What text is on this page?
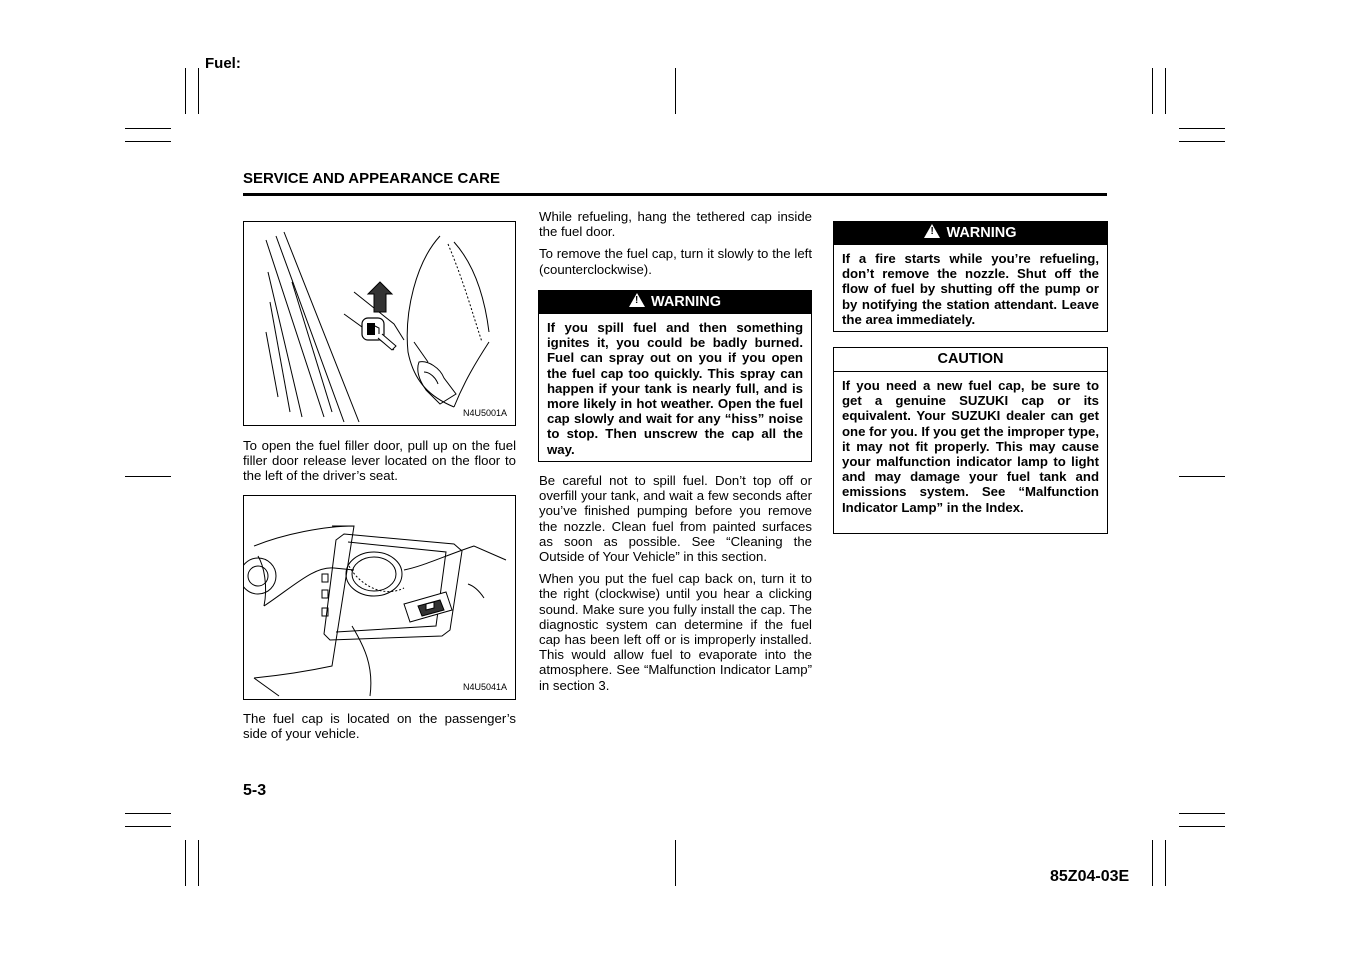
Fuel:
SERVICE AND APPEARANCE CARE
N4U5001A

To open the fuel filler door, pull up on the fuel filler door release lever located on the floor to the left of the driver’s seat.

N4U5041A

The fuel cap is located on the passenger’s side of your vehicle.

While refueling, hang the tethered cap inside the fuel door.

To remove the fuel cap, turn it slowly to the left (counterclockwise).

! WARNING
If you spill fuel and then something ignites it, you could be badly burned. Fuel can spray out on you if you open the fuel cap too quickly. This spray can happen if your tank is nearly full, and is more likely in hot weather. Open the fuel cap slowly and wait for any “hiss” noise to stop. Then unscrew the cap all the way.

Be careful not to spill fuel. Don’t top off or overfill your tank, and wait a few seconds after you’ve finished pumping before you remove the nozzle. Clean fuel from painted surfaces as soon as possible. See “Cleaning the Outside of Your Vehicle” in this section.

When you put the fuel cap back on, turn it to the right (clockwise) until you hear a clicking sound. Make sure you fully install the cap. The diagnostic system can determine if the fuel cap has been left off or is improperly installed. This would allow fuel to evaporate into the atmosphere. See “Malfunction Indicator Lamp” in section 3.

! WARNING
If a fire starts while you’re refueling, don’t remove the nozzle. Shut off the flow of fuel by shutting off the pump or by notifying the station attendant. Leave the area immediately.
CAUTION
If you need a new fuel cap, be sure to get a genuine SUZUKI cap or its equivalent. Your SUZUKI dealer can get one for you. If you get the improper type, it may not fit properly. This may cause your malfunction indicator lamp to light and may damage your fuel tank and emissions system. See “Malfunction Indicator Lamp” in the Index.
5-3
85Z04-03E
